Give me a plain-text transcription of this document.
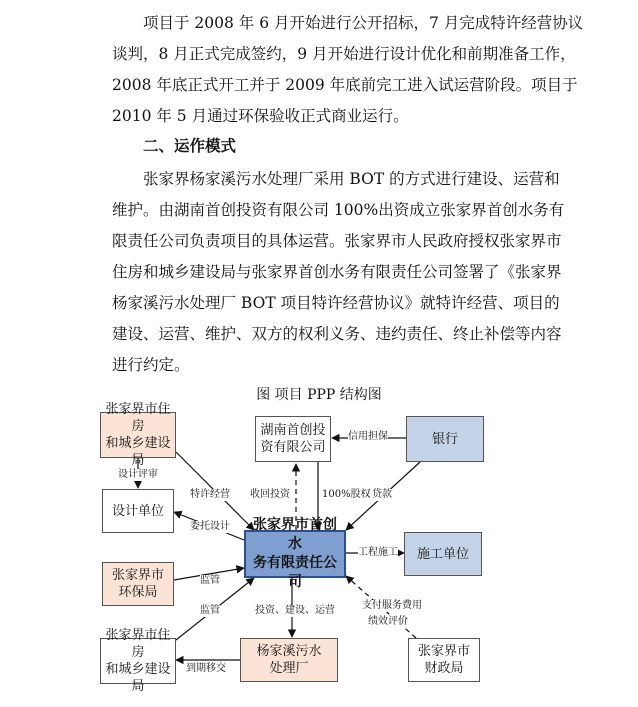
项目于 2008 年 6 月开始进行公开招标，7 月完成特许经营协议
谈判，8 月正式完成签约，9 月开始进行设计优化和前期准备工作，
2008 年底正式开工并于 2009 年底前完工进入试运营阶段。项目于
2010 年 5 月通过环保验收正式商业运行。

二、运作模式

张家界杨家溪污水处理厂采用 BOT 的方式进行建设、运营和
维护。由湖南首创投资有限公司 100%出资成立张家界首创水务有
限责任公司负责项目的具体运营。张家界市人民政府授权张家界市
住房和城乡建设局与张家界首创水务有限责任公司签署了《张家界
杨家溪污水处理厂 BOT 项目特许经营协议》就特许经营、项目的
建设、运营、维护、双方的权利义务、违约责任、终止补偿等内容
进行约定。

图 项目 PPP 结构图
张家界市住房
和城乡建设局
湖南首创投
资有限公司
银行
设计单位
张家界市首创水
务有限责任公司
施工单位
张家界市
环保局
张家界市住房
和城乡建设局
杨家溪污水
处理厂
张家界市
财政局
信用担保
设计评审
特许经营 收回投资	100%股权 贷款
委托设计
工程施工
监管
监管	投资、建设、运营	支付服务费用
绩效评价
到期移交
